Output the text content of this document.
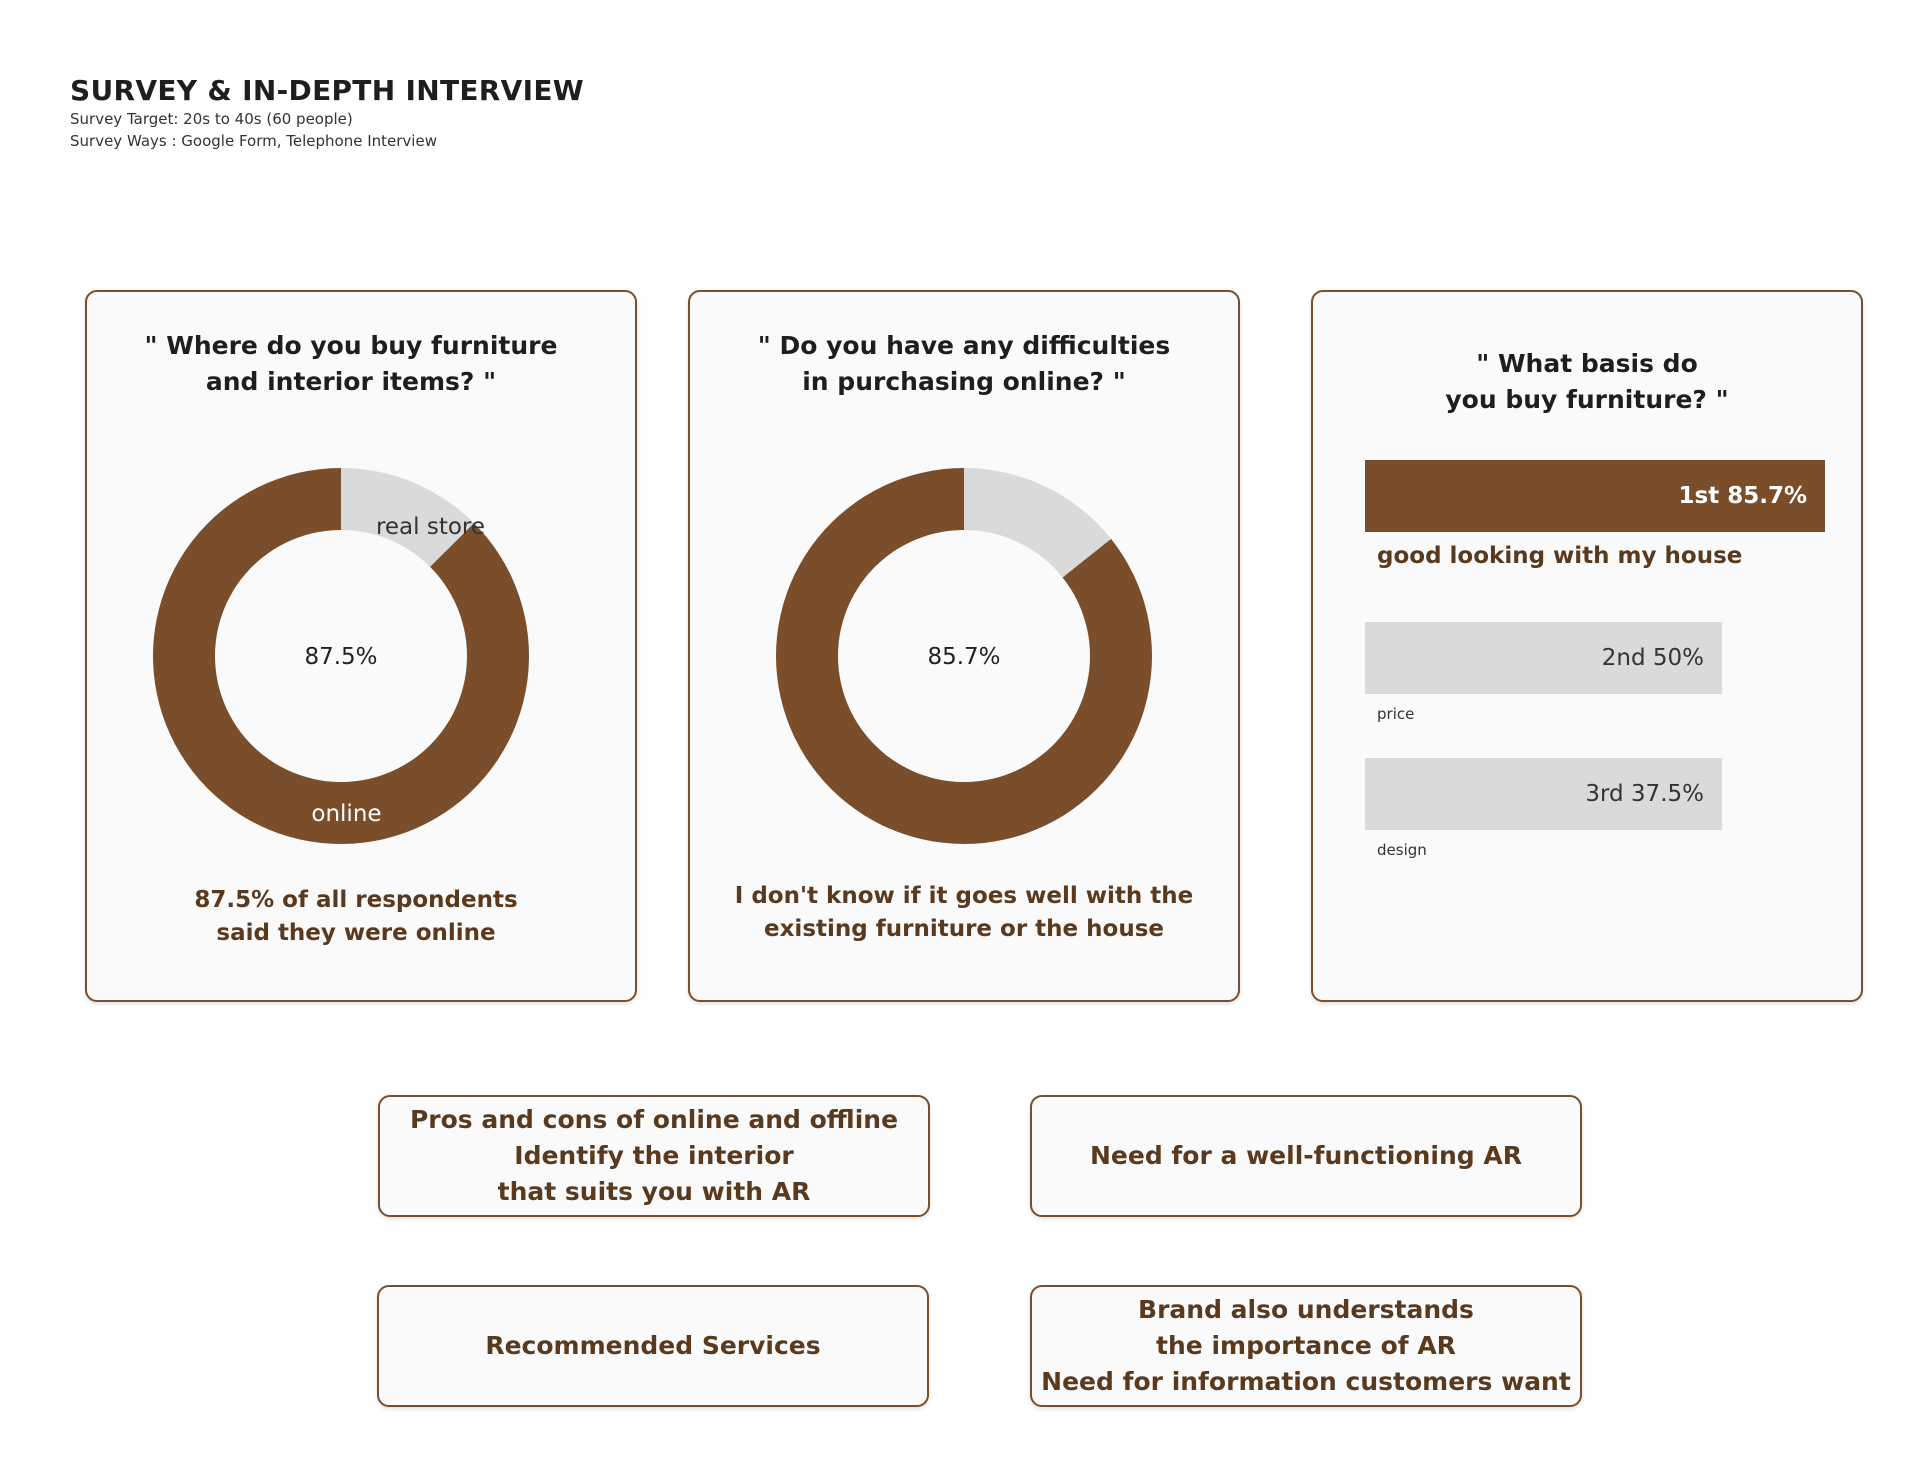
SURVEY & IN-DEPTH INTERVIEW
Survey Target: 20s to 40s (60 people)
Survey Ways : Google Form, Telephone Interview
" Where do you buy furniture
and interior items? "
87.5%
real store
online
87.5% of all respondents
said they were online
" Do you have any difficulties
in purchasing online? "
85.7%
I don't know if it goes well with the
existing furniture or the house
" What basis do
you buy furniture? "
1st 85.7%
good looking with my house
2nd 50%
price
3rd 37.5%
design
Pros and cons of online and offline
Identify the interior
that suits you with AR
Need for a well-functioning AR
Recommended Services
Brand also understands
the importance of AR
Need for information customers want
